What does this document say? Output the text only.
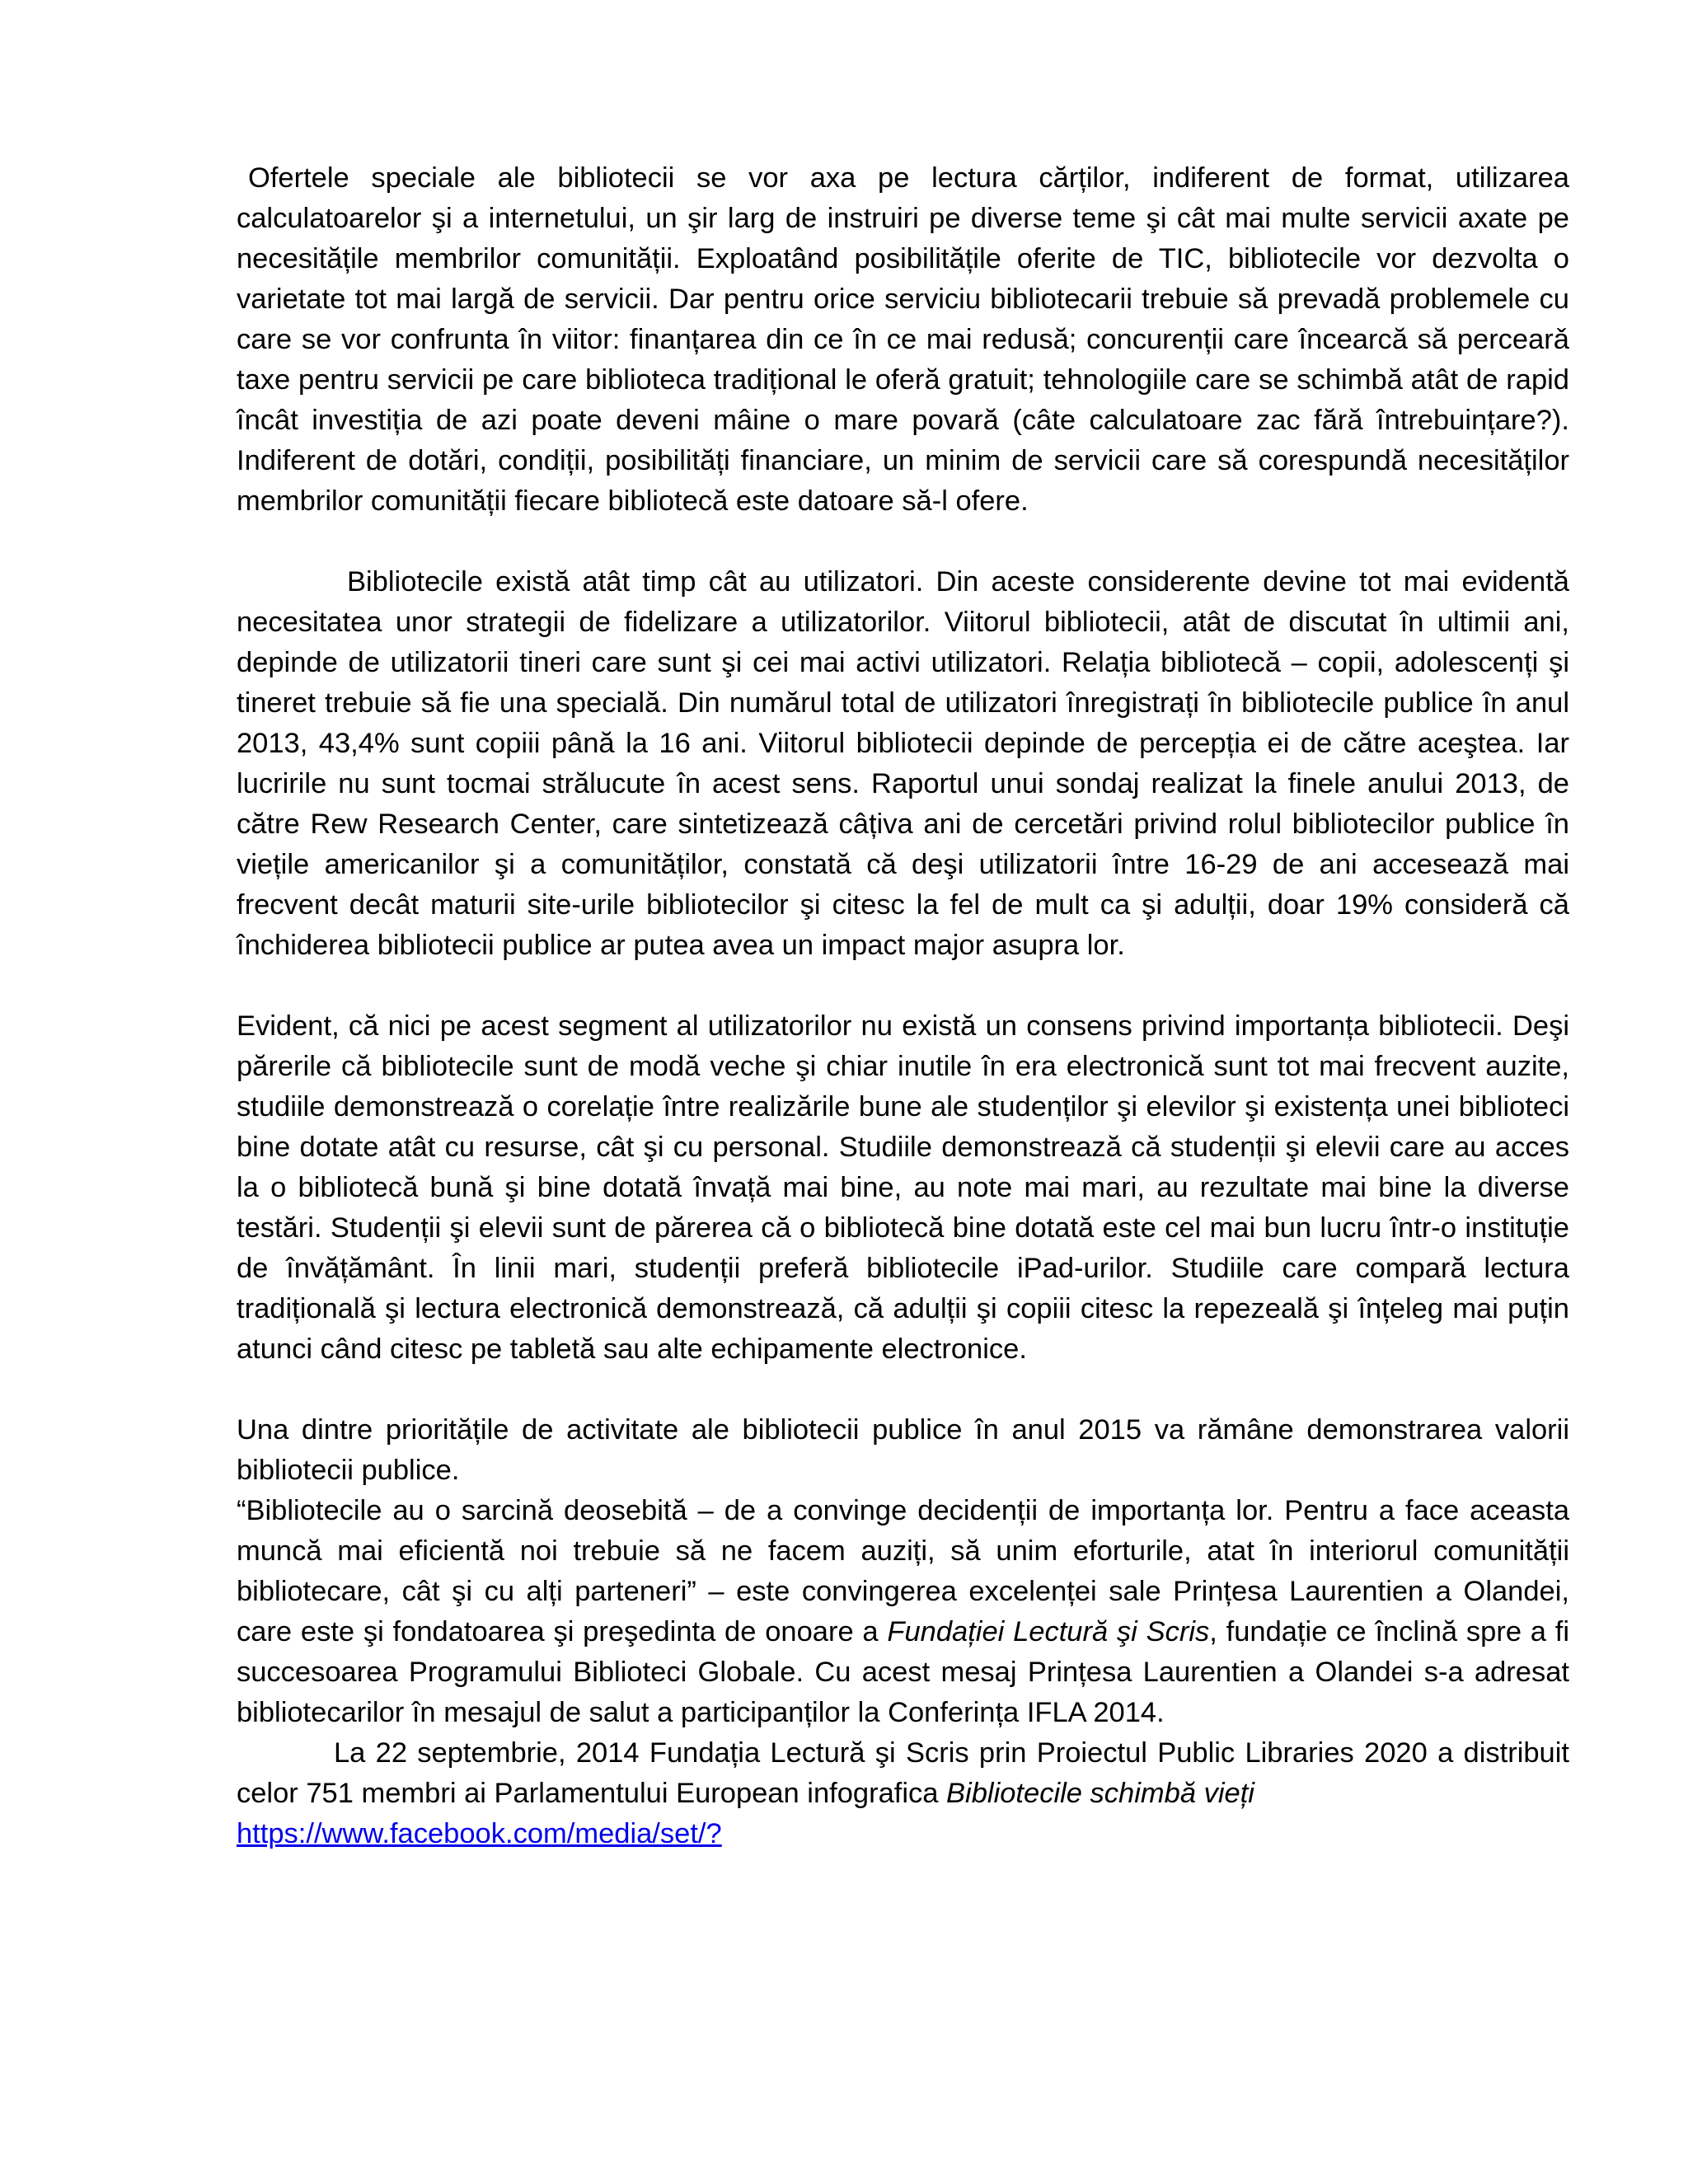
Ofertele speciale ale bibliotecii se vor axa pe lectura cărților, indiferent de format, utilizarea calculatoarelor şi a internetului, un şir larg de instruiri pe diverse teme şi cât mai multe servicii axate pe necesitățile membrilor comunității. Exploatând posibilitățile oferite de TIC, bibliotecile vor dezvolta o varietate tot mai largă de servicii. Dar pentru orice serviciu bibliotecarii trebuie să prevadă problemele cu care se vor confrunta în viitor: finanțarea din ce în ce mai redusă; concurenții care încearcă să percearǎ taxe pentru servicii pe care biblioteca tradițional le oferă gratuit; tehnologiile care se schimbă atât de rapid încât investiția de azi poate deveni mâine o mare povară (câte calculatoare zac fără întrebuințare?). Indiferent de dotări, condiții, posibilități financiare, un minim de servicii care să corespundă necesităților membrilor comunității fiecare bibliotecă este datoare să-l ofere.

Bibliotecile există atât timp cât au utilizatori. Din aceste considerente devine tot mai evidentă necesitatea unor strategii de fidelizare a utilizatorilor. Viitorul bibliotecii, atât de discutat în ultimii ani, depinde de utilizatorii tineri care sunt şi cei mai activi utilizatori. Relația bibliotecă – copii, adolescenți şi tineret trebuie să fie una specială. Din numărul total de utilizatori înregistrați în bibliotecile publice în anul 2013, 43,4% sunt copiii până la 16 ani. Viitorul bibliotecii depinde de percepția ei de către aceştea. Iar lucririle nu sunt tocmai strălucute în acest sens. Raportul unui sondaj realizat la finele anului 2013, de către Rew Research Center, care sintetizează câțiva ani de cercetări privind rolul bibliotecilor publice în viețile americanilor şi a comunităților, constată că deşi utilizatorii între 16-29 de ani accesează mai frecvent decât maturii site-urile bibliotecilor şi citesc la fel de mult ca şi adulții, doar 19% consideră că închiderea bibliotecii publice ar putea avea un impact major asupra lor.

Evident, că nici pe acest segment al utilizatorilor nu există un consens privind importanța bibliotecii. Deşi părerile că bibliotecile sunt de modă veche şi chiar inutile în era electronică sunt tot mai frecvent auzite, studiile demonstrează o corelație între realizările bune ale studenților şi elevilor şi existența unei biblioteci bine dotate atât cu resurse, cât şi cu personal. Studiile demonstrează că studenții şi elevii care au acces la o bibliotecă bună şi bine dotată învață mai bine, au note mai mari, au rezultate mai bine la diverse testări. Studenții şi elevii sunt de părerea că o bibliotecă bine dotată este cel mai bun lucru într-o instituție de învățământ. În linii mari, studenții preferă bibliotecile iPad-urilor. Studiile care compară lectura tradițională şi lectura electronică demonstrează, că adulții şi copiii citesc la repezeală şi înțeleg mai puțin atunci când citesc pe tabletă sau alte echipamente electronice.

Una dintre prioritățile de activitate ale bibliotecii publice în anul 2015 va rămâne demonstrarea valorii bibliotecii publice.

“Bibliotecile au o sarcină deosebită – de a convinge decidenții de importanța lor. Pentru a face aceasta muncă mai eficientă noi trebuie să ne facem auziți, să unim eforturile, atat în interiorul comunității bibliotecare, cât şi cu alți parteneri” – este convingerea excelenței sale Prințesa Laurentien a Olandei, care este şi fondatoarea şi preşedinta de onoare a Fundației Lectură şi Scris, fundație ce înclină spre a fi succesoarea Programului Biblioteci Globale. Cu acest mesaj Prințesa Laurentien a Olandei s-a adresat bibliotecarilor în mesajul de salut a participanților la Conferința IFLA 2014.

La 22 septembrie, 2014 Fundația Lectură şi Scris prin Proiectul Public Libraries 2020 a distribuit celor 751 membri ai Parlamentului European infografica Bibliotecile schimbă vieți

https://www.facebook.com/media/set/?
